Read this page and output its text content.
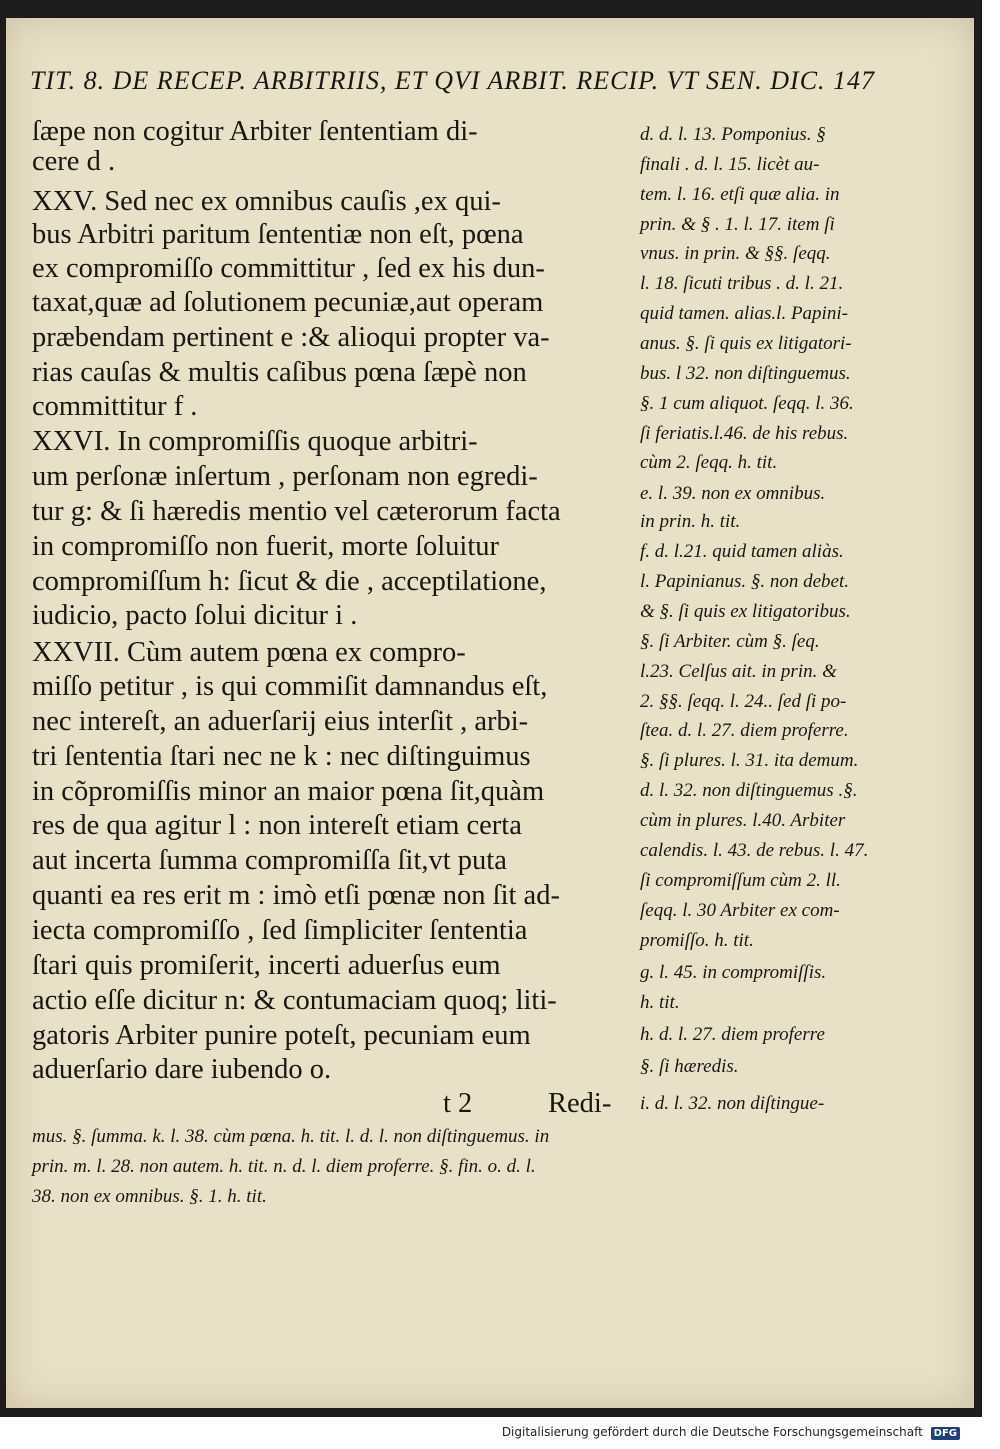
TIT. 8. DE RECEP. ARBITRIIS, ET QVI ARBIT. RECIP. VT SEN. DIC. 147
ſæpe non cogitur Arbiter ſententiam di-
cere d .
XXV. Sed nec ex omnibus cauſis ,ex qui-
bus Arbitri paritum ſententiæ non eſt, pœna
ex compromiſſo committitur , ſed ex his dun-
taxat,quæ ad ſolutionem pecuniæ,aut operam
præbendam pertinent e :& alioqui propter va-
rias cauſas & multis caſibus pœna ſæpè non
committitur f .
XXVI. In compromiſſis quoque arbitri-
um perſonæ inſertum , perſonam non egredi-
tur g: & ſi hæredis mentio vel cæterorum facta
in compromiſſo non fuerit, morte ſoluitur
compromiſſum h: ſicut & die , acceptilatione,
iudicio, pacto ſolui dicitur i .
XXVII. Cùm autem pœna ex compro-
miſſo petitur , is qui commiſit damnandus eſt,
nec intereſt, an aduerſarij eius interſit , arbi-
tri ſententia ſtari nec ne k : nec diſtinguimus
in cõpromiſſis minor an maior pœna ſit,quàm
res de qua agitur l : non intereſt etiam certa
aut incerta ſumma compromiſſa ſit,vt puta
quanti ea res erit m : imò etſi pœnæ non ſit ad-
iecta compromiſſo , ſed ſimpliciter ſententia
ſtari quis promiſerit, incerti aduerſus eum
actio eſſe dicitur n: & contumaciam quoq; liti-
gatoris Arbiter punire poteſt, pecuniam eum
aduerſario dare iubendo o.
d. d. l. 13. Pomponius. §
finali . d. l. 15. licèt au-
tem. l. 16. etſi quæ alia. in
prin. & § . 1. l. 17. item ſi
vnus. in prin. & §§. ſeqq.
l. 18. ſicuti tribus . d. l. 21.
quid tamen. alias.l. Papini-
anus. §. ſi quis ex litigatori-
bus. l 32. non diſtinguemus.
§. 1 cum aliquot. ſeqq. l. 36.
ſi feriatis.l.46. de his rebus.
cùm 2. ſeqq. h. tit.
e. l. 39. non ex omnibus.
in prin. h. tit.
f. d. l.21. quid tamen aliàs.
l. Papinianus. §. non debet.
& §. ſi quis ex litigatoribus.
§. ſi Arbiter. cùm §. ſeq.
l.23. Celſus ait. in prin. &
2. §§. ſeqq. l. 24.. ſed ſi po-
ſtea. d. l. 27. diem proferre.
§. ſi plures. l. 31. ita demum.
d. l. 32. non diſtinguemus .§.
cùm in plures. l.40. Arbiter
calendis. l. 43. de rebus. l. 47.
ſi compromiſſum cùm 2. ll.
ſeqq. l. 30 Arbiter ex com-
promiſſo. h. tit.
g. l. 45. in compromiſſis.
h. tit.
h. d. l. 27. diem proferre
§. ſi hæredis.
i. d. l. 32. non diſtingue-
t 2	Redi-
mus. §. ſumma. k. l. 38. cùm pœna. h. tit. l. d. l. non diſtinguemus. in
prin. m. l. 28. non autem. h. tit. n. d. l. diem proferre. §. fin. o. d. l.
38. non ex omnibus. §. 1. h. tit.
Digitalisierung gefördert durch die Deutsche Forschungsgemeinschaft DFG
